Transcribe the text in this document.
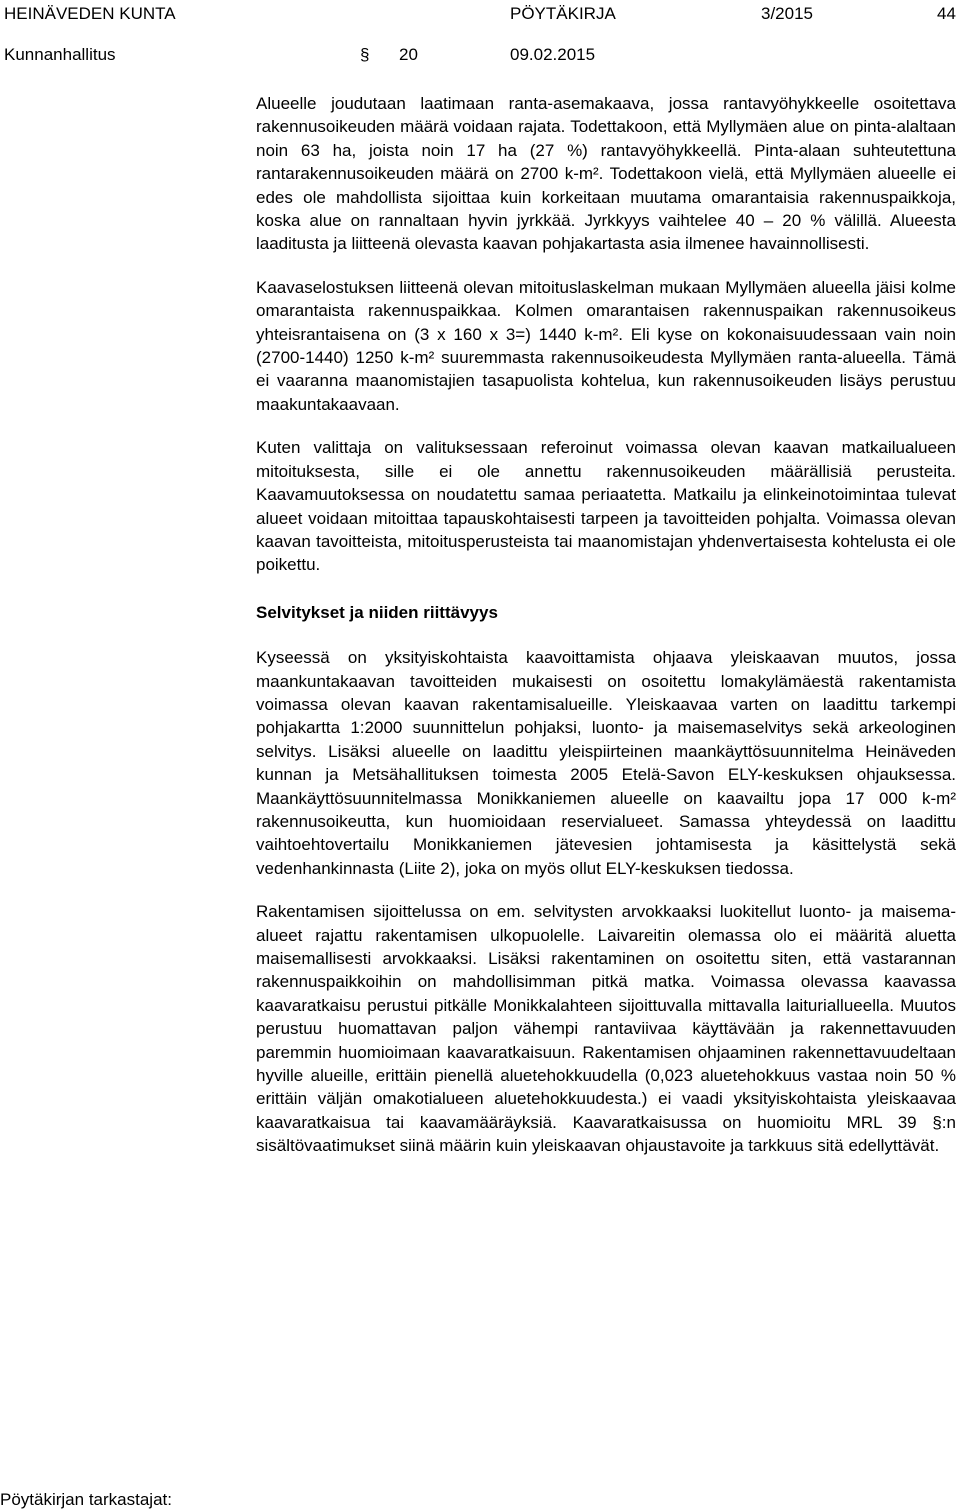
HEINÄVEDEN KUNTA	PÖYTÄKIRJA	3/2015	44
Kunnanhallitus	§ 20	09.02.2015

Alueelle joudutaan laatimaan ranta-asemakaava, jossa rantavyöhykkeelle osoitettava rakennusoikeuden määrä voidaan rajata. Todettakoon, että Myllymäen alue on pinta-alaltaan noin 63 ha, joista noin 17 ha (27 %) rantavyöhykkeellä. Pinta-alaan suhteutettuna rantarakennusoikeuden määrä on 2700 k-m². Todettakoon vielä, että Myllymäen alueelle ei edes ole mahdollista sijoittaa kuin korkeitaan muutama omarantaisia rakennuspaikkoja, koska alue on rannaltaan hyvin jyrkkää. Jyrkkyys vaihtelee 40 – 20 % välillä. Alueesta laaditusta ja liitteenä olevasta kaavan pohjakartasta asia ilmenee havainnollisesti.

Kaavaselostuksen liitteenä olevan mitoituslaskelman mukaan Myllymäen alueella jäisi kolme omarantaista rakennuspaikkaa. Kolmen omarantaisen rakennuspaikan rakennusoikeus yhteisrantaisena on (3 x 160 x 3=) 1440 k-m². Eli kyse on kokonaisuudessaan vain noin (2700-1440) 1250 k-m² suuremmasta rakennusoikeudesta Myllymäen ranta-alueella. Tämä ei vaaranna maanomistajien tasapuolista kohtelua, kun rakennusoikeuden lisäys perustuu maakuntakaavaan.

Kuten valittaja on valituksessaan referoinut voimassa olevan kaavan matkailualueen mitoituksesta, sille ei ole annettu rakennusoikeuden määrällisiä perusteita. Kaavamuutoksessa on noudatettu samaa periaatetta. Matkailu ja elinkeinotoimintaa tulevat alueet voidaan mitoittaa tapauskohtaisesti tarpeen ja tavoitteiden pohjalta. Voimassa olevan kaavan tavoitteista, mitoitusperusteista tai maanomistajan yhdenvertaisesta kohtelusta ei ole poikettu.

Selvitykset ja niiden riittävyys

Kyseessä on yksityiskohtaista kaavoittamista ohjaava yleiskaavan muutos, jossa maankuntakaavan tavoitteiden mukaisesti on osoitettu lomakylämäestä rakentamista voimassa olevan kaavan rakentamisalueille. Yleiskaavaa varten on laadittu tarkempi pohjakartta 1:2000 suunnittelun pohjaksi, luonto- ja maisemaselvitys sekä arkeologinen selvitys. Lisäksi alueelle on laadittu yleispiirteinen maankäyttösuunnitelma Heinäveden kunnan ja Metsähallituksen toimesta 2005 Etelä-Savon ELY-keskuksen ohjauksessa. Maankäyttösuunnitelmassa Monikkaniemen alueelle on kaavailtu jopa 17 000 k-m² rakennusoikeutta, kun huomioidaan reservialueet. Samassa yhteydessä on laadittu vaihtoehtovertailu Monikkaniemen jätevesien johtamisesta ja käsittelystä sekä vedenhankinnasta (Liite 2), joka on myös ollut ELY-keskuksen tiedossa.

Rakentamisen sijoittelussa on em. selvitysten arvokkaaksi luokitellut luonto- ja maisema-alueet rajattu rakentamisen ulkopuolelle. Laivareitin olemassa olo ei määritä aluetta maisemallisesti arvokkaaksi. Lisäksi rakentaminen on osoitettu siten, että vastarannan rakennuspaikkoihin on mahdollisimman pitkä matka. Voimassa olevassa kaavassa kaavaratkaisu perustui pitkälle Monikkalahteen sijoittuvalla mittavalla laituriallueella. Muutos perustuu huomattavan paljon vähempi rantaviivaa käyttävään ja rakennettavuuden paremmin huomioimaan kaavaratkaisuun. Rakentamisen ohjaaminen rakennettavuudeltaan hyville alueille, erittäin pienellä aluetehokkuudella (0,023 aluetehokkuus vastaa noin 50 % erittäin väljän omakotialueen aluetehokkuudesta.) ei vaadi yksityiskohtaista yleiskaavaa kaavaratkaisua tai kaavamääräyksiä. Kaavaratkaisussa on huomioitu MRL 39 §:n sisältövaatimukset siinä määrin kuin yleiskaavan ohjaustavoite ja tarkkuus sitä edellyttävät.

Pöytäkirjan tarkastajat:
